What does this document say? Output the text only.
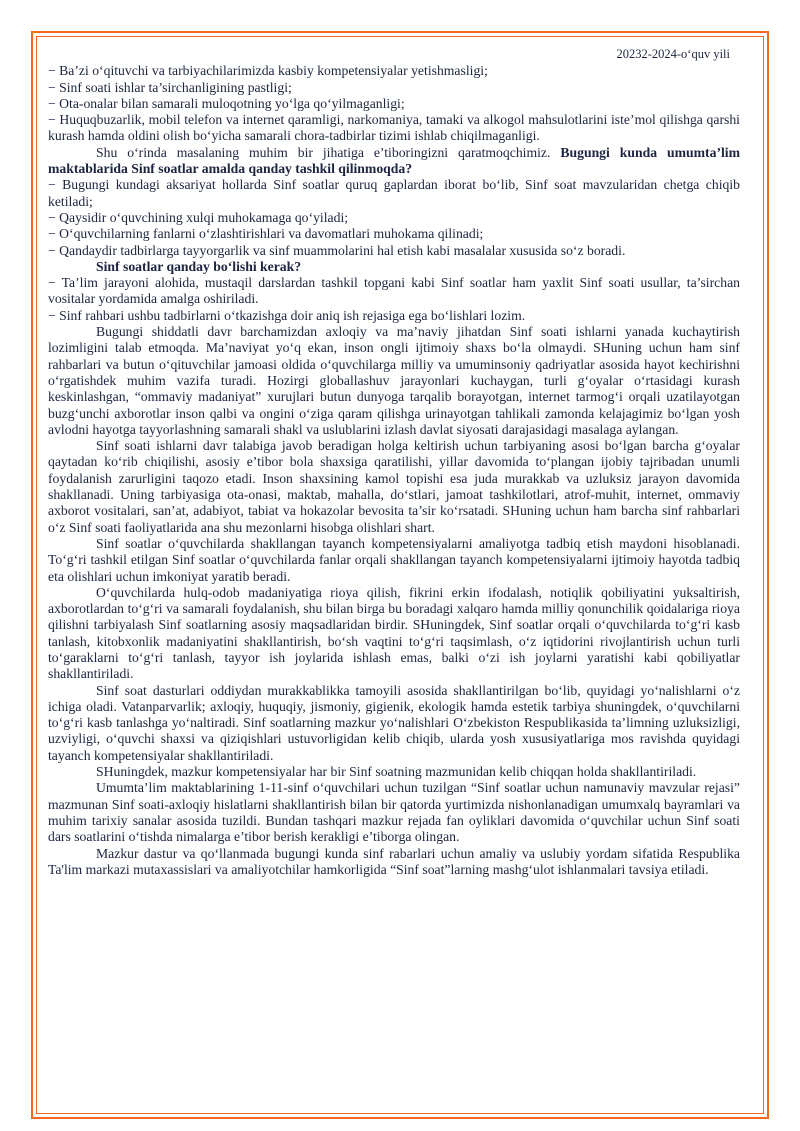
20232-2024-o‘quv yili

− Ba’zi o‘qituvchi va tarbiyachilarimizda kasbiy kompetensiyalar yetishmasligi;

− Sinf soati ishlar ta’sirchanligining pastligi;

− Ota-onalar bilan samarali muloqotning yo‘lga qo‘yilmaganligi;

− Huquqbuzarlik, mobil telefon va internet qaramligi, narkomaniya, tamaki va alkogol mahsulotlarini iste’mol qilishga qarshi kurash hamda oldini olish bo‘yicha samarali chora-tadbirlar tizimi ishlab chiqilmaganligi.

Shu o‘rinda masalaning muhim bir jihatiga e’tiboringizni qaratmoqchimiz. Bugungi kunda umumta’lim maktablarida Sinf soatlar amalda qanday tashkil qilinmoqda?

− Bugungi kundagi aksariyat hollarda Sinf soatlar quruq gaplardan iborat bo‘lib, Sinf soat mavzularidan chetga chiqib ketiladi;

− Qaysidir o‘quvchining xulqi muhokamaga qo‘yiladi;

− O‘quvchilarning fanlarni o‘zlashtirishlari va davomatlari muhokama qilinadi;

− Qandaydir tadbirlarga tayyorgarlik va sinf muammolarini hal etish kabi masalalar xususida so‘z boradi.

Sinf soatlar qanday bo‘lishi kerak?

− Ta’lim jarayoni alohida, mustaqil darslardan tashkil topgani kabi Sinf soatlar ham yaxlit Sinf soati usullar, ta’sirchan vositalar yordamida amalga oshiriladi.

− Sinf rahbari ushbu tadbirlarni o‘tkazishga doir aniq ish rejasiga ega bo‘lishlari lozim.

Bugungi shiddatli davr barchamizdan axloqiy va ma’naviy jihatdan Sinf soati ishlarni yanada kuchaytirish lozimligini talab etmoqda. Ma’naviyat yo‘q ekan, inson ongli ijtimoiy shaxs bo‘la olmaydi. SHuning uchun ham sinf rahbarlari va butun o‘qituvchilar jamoasi oldida o‘quvchilarga milliy va umuminsoniy qadriyatlar asosida hayot kechirishni o‘rgatishdek muhim vazifa turadi. Hozirgi globallashuv jarayonlari kuchaygan, turli g‘oyalar o‘rtasidagi kurash keskinlashgan, “ommaviy madaniyat” xurujlari butun dunyoga tarqalib borayotgan, internet tarmog‘i orqali uzatilayotgan buzg‘unchi axborotlar inson qalbi va ongini o‘ziga qaram qilishga urinayotgan tahlikali zamonda kelajagimiz bo‘lgan yosh avlodni hayotga tayyorlashning samarali shakl va uslublarini izlash davlat siyosati darajasidagi masalaga aylangan.

Sinf soati ishlarni davr talabiga javob beradigan holga keltirish uchun tarbiyaning asosi bo‘lgan barcha g‘oyalar qaytadan ko‘rib chiqilishi, asosiy e’tibor bola shaxsiga qaratilishi, yillar davomida to‘plangan ijobiy tajribadan unumli foydalanish zarurligini taqozo etadi. Inson shaxsining kamol topishi esa juda murakkab va uzluksiz jarayon davomida shakllanadi. Uning tarbiyasiga ota-onasi, maktab, mahalla, do‘stlari, jamoat tashkilotlari, atrof-muhit, internet, ommaviy axborot vositalari, san’at, adabiyot, tabiat va hokazolar bevosita ta’sir ko‘rsatadi. SHuning uchun ham barcha sinf rahbarlari o‘z Sinf soati faoliyatlarida ana shu mezonlarni hisobga olishlari shart.

Sinf soatlar o‘quvchilarda shakllangan tayanch kompetensiyalarni amaliyotga tadbiq etish maydoni hisoblanadi. To‘g‘ri tashkil etilgan Sinf soatlar o‘quvchilarda fanlar orqali shakllangan tayanch kompetensiyalarni ijtimoiy hayotda tadbiq eta olishlari uchun imkoniyat yaratib beradi.

O‘quvchilarda hulq-odob madaniyatiga rioya qilish, fikrini erkin ifodalash, notiqlik qobiliyatini yuksaltirish, axborotlardan to‘g‘ri va samarali foydalanish, shu bilan birga bu boradagi xalqaro hamda milliy qonunchilik qoidalariga rioya qilishni tarbiyalash Sinf soatlarning asosiy maqsadlaridan birdir. SHuningdek, Sinf soatlar orqali o‘quvchilarda to‘g‘ri kasb tanlash, kitobxonlik madaniyatini shakllantirish, bo‘sh vaqtini to‘g‘ri taqsimlash, o‘z iqtidorini rivojlantirish uchun turli to‘garaklarni to‘g‘ri tanlash, tayyor ish joylarida ishlash emas, balki o‘zi ish joylarni yaratishi kabi qobiliyatlar shakllantiriladi.

Sinf soat dasturlari oddiydan murakkablikka tamoyili asosida shakllantirilgan bo‘lib, quyidagi yo‘nalishlarni o‘z ichiga oladi. Vatanparvarlik; axloqiy, huquqiy, jismoniy, gigienik, ekologik hamda estetik tarbiya shuningdek, o‘quvchilarni to‘g‘ri kasb tanlashga yo‘naltiradi. Sinf soatlarning mazkur yo‘nalishlari O‘zbekiston Respublikasida ta’limning uzluksizligi, uzviyligi, o‘quvchi shaxsi va qiziqishlari ustuvorligidan kelib chiqib, ularda yosh xususiyatlariga mos ravishda quyidagi tayanch kompetensiyalar shakllantiriladi.

SHuningdek, mazkur kompetensiyalar har bir Sinf soatning mazmunidan kelib chiqqan holda shakllantiriladi.

Umumta’lim maktablarining 1-11-sinf o‘quvchilari uchun tuzilgan “Sinf soatlar uchun namunaviy mavzular rejasi” mazmunan Sinf soati-axloqiy hislatlarni shakllantirish bilan bir qatorda yurtimizda nishonlanadigan umumxalq bayramlari va muhim tarixiy sanalar asosida tuzildi. Bundan tashqari mazkur rejada fan oyliklari davomida o‘quvchilar uchun Sinf soati dars soatlarini o‘tishda nimalarga e’tibor berish kerakligi e’tiborga olingan.

Mazkur dastur va qo‘llanmada bugungi kunda sinf rabarlari uchun amaliy va uslubiy yordam sifatida Respublika Ta'lim markazi mutaxassislari va amaliyotchilar hamkorligida “Sinf soat”larning mashg‘ulot ishlanmalari tavsiya etiladi.
